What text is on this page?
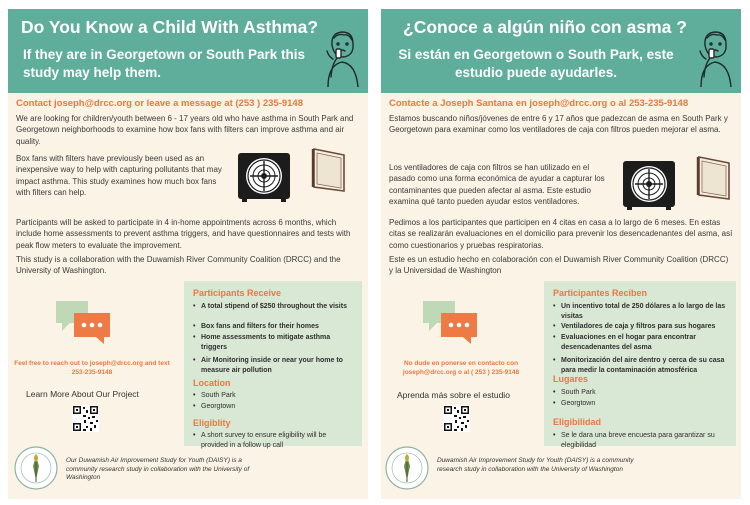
Do You Know a Child With Asthma?
If they are in Georgetown or South Park this study may help them.
Contact joseph@drcc.org or leave a message at (253 ) 235-9148
We are looking for children/youth between 6 - 17 years old who have asthma in South Park and Georgetown neighborhoods to examine how box fans with filters can improve asthma and air quality.
Box fans with filters have previously been used as an inexpensive way to help with capturing pollutants that may impact asthma. This study examines how much box fans with filters can help.
Participants will be asked to participate in 4 in-home appointments across 6 months, which include home assessments to prevent asthma triggers, and have questionnaires and tests with peak flow meters to evaluate the improvement.
This study is a collaboration with the Duwamish River Community Coalition (DRCC) and the University of Washington.
Feel free to reach out to joseph@drcc.org and text 253-235-9148
Learn More About Our Project
Our Duwamish Air Improvement Study for Youth (DAISY) is a community research study in collaboration with the University of Washington
Participants Receive
• A total stipend of $250 throughout the visits
• Box fans and filters for their homes
• Home assessments to mitigate asthma triggers
• Air Monitoring inside or near your home to measure air pollution
Location
• South Park
• Georgtown
Eligiblity
• A short survey to ensure eligibility will be provided in a follow up call
¿Conoce a algún niño con asma ?
Si están en Georgetown o South Park, este estudio puede ayudarles.
Contacte a Joseph Santana en joseph@drcc.org o al 253-235-9148
Estamos buscando niños/jóvenes de entre 6 y 17 años que padezcan de asma en South Park y Georgetown para examinar como los ventiladores de caja con filtros pueden mejorar el asma.
Los ventiladores de caja con filtros se han utilizado en el pasado como una forma económica de ayudar a capturar los contaminantes que pueden afectar al asma. Este estudio examina qué tanto pueden ayudar estos ventiladores.
Pedimos a los participantes que participen en 4 citas en casa a lo largo de 6 meses. En estas citas se realizarán evaluaciones en el domicilio para prevenir los desencadenantes del asma, así como cuestionarios y pruebas respiratorias.
Este es un estudio hecho en colaboración con el Duwamish River Community Coalition (DRCC) y la Universidad de Washington
No dude en ponerse en contacto con joseph@drcc.org o al ( 253 ) 235-9148
Aprenda más sobre el estudio
Duwamish Air Improvement Study for Youth (DAISY) is a community research study in collaboration with the University of Washington
Participantes Reciben
• Un incentivo total de 250 dólares a lo largo de las visitas
• Ventiladores de caja y filtros para sus hogares
• Evaluaciones en el hogar para encontrar desencadenantes del asma
• Monitorización del aire dentro y cerca de su casa para medir la contaminación atmosférica
Lugares
• South Park
• Georgtown
Eligibilidad
• Se le dara una breve encuesta para garantizar su elegibilidad
